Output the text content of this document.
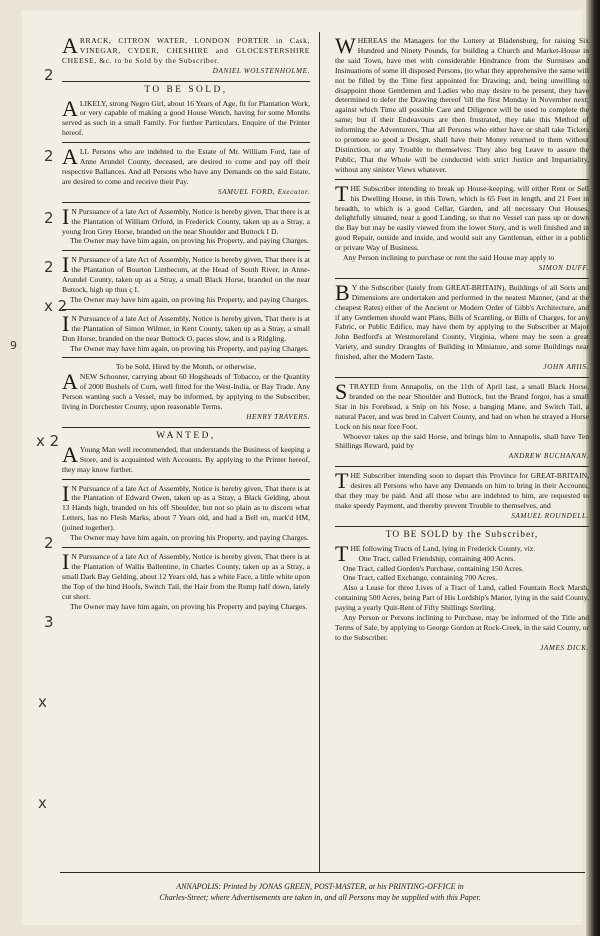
2
2
2
x 2
9
x 2
2
3
x
x
2
A RRACK, CITRON WATER, LONDON PORTER in Cask, VINEGAR, CYDER, CHESHIRE and GLOCESTERSHIRE CHEESE, &c. to be Sold by the Subscriber.

DANIEL WOLSTENHOLME.
TO BE SOLD,
A LIKELY, strong Negro Girl, about 16 Years of Age, fit for Plantation Work, or very capable of making a good House Wench, having for some Months served as such in a small Family. For further Particulars, Enquire of the Printer hereof.

A LL Persons who are indebted to the Estate of Mr. William Ford, late of Anne Arundel County, deceased, are desired to come and pay off their respective Ballances. And all Persons who have any Demands on the said Estate, are desired to come and receive their Pay.

SAMUEL FORD, Executor.
I N Pursuance of a late Act of Assembly, Notice is hereby given, That there is at the Plantation of William Orford, in Frederick County, taken up as a Stray, a young Iron Grey Horse, branded on the near Shoulder and Buttock I D.

The Owner may have him again, on proving his Property, and paying Charges.

I N Pursuance of a late Act of Assembly, Notice is hereby given, That there is at the Plantation of Bourton Linthecum, at the Head of South River, in Anne-Arundel County, taken up as a Stray, a small Black Horse, branded on the near Buttock, high up thus ç I.

The Owner may have him again, on proving his Property, and paying Charges.

I N Pursuance of a late Act of Assembly, Notice is hereby given, That there is at the Plantation of Simon Wilmer, in Kent County, taken up as a Stray, a small Dun Horse, branded on the near Buttock O, paces slow, and is a Ridgling.

The Owner may have him again, on proving his Property, and paying Charges.

To be Sold, Hired by the Month, or otherwise,
A NEW Schooner, carrying about 60 Hogsheads of Tobacco, or the Quantity of 2000 Bushels of Corn, well fitted for the West-India, or Bay Trade. Any Person wanting such a Vessel, may be informed, by applying to the Subscriber, living in Dorchester County, upon reasonable Terms.

HENRY TRAVERS.
WANTED,
A Young Man well recommended, that understands the Business of keeping a Store, and is acquainted with Accounts. By applying to the Printer hereof, they may know further.

I N Pursuance of a late Act of Assembly, Notice is hereby given, That there is at the Plantation of Edward Owen, taken up as a Stray, a Black Gelding, about 13 Hands high, branded on his off Shoulder, but not so plain as to discern what Letters, has no Flesh Marks, about 7 Years old, and had a Bell on, mark'd HM, (joined together).

The Owner may have him again, on proving his Property, and paying Charges.

I N Pursuance of a late Act of Assembly, Notice is hereby given, That there is at the Plantation of Wallis Ballentine, in Charles County, taken up as a Stray, a small Dark Bay Gelding, about 12 Years old, has a white Face, a little white upon the Top of the hind Hoofs, Switch Tail, the Hair from the Rump half down, lately cut short.

The Owner may have him again, on proving his Property and paying Charges.

W HEREAS the Managers for the Lottery at Bladensburg, for raising Six Hundred and Ninety Pounds, for building a Church and Market-House in the said Town, have met with considerable Hindrance from the Surmises and Insinuations of some ill disposed Persons, (to what they apprehensive the same will not be filled by the Time first appointed for Drawing; and, being unwilling to disappoint those Gentlemen and Ladies who may desire to be present, they have determined to defer the Drawing thereof 'till the first Monday in November next; against which Time all possible Care and Diligence will be used to complete the same; but if their Endeavours are then frustrated, they take this Method of informing the Adventurers, That all Persons who either have or shall take Tickets to promote so good a Design, shall have their Money returned to them without Distinction, or any Trouble to themselves: They also beg Leave to assure the Public, That the Whole will be conducted with strict Justice and Impartiality, without any sinister Views whatever.

T HE Subscriber intending to break up House-keeping, will either Rent or Sell his Dwelling House, in this Town, which is 65 Feet in length, and 21 Feet in breadth, to which is a good Cellar, Garden, and all necessary Out Houses, delightfully situated, near a good Landing, so that no Vessel can pass up or down the Bay but may be easily viewed from the lower Story, and is well finished and in good Repair, outside and inside, and would suit any Gentleman, either in a public or private Way of Business.

Any Person inclining to purchase or rent the said House may apply to

SIMON DUFF.
B Y the Subscriber (lately from GREAT-BRITAIN), Buildings of all Sorts and Dimensions are undertaken and performed in the neatest Manner, (and at the cheapest Rates) either of the Ancient or Modern Order of Gibb's Architecture, and if any Gentlemen should want Plans, Bills of Scantling, or Bills of Charges, for any Fabric, or Public Edifice, may have them by applying to the Subscriber at Major John Bedford's at Westmoreland County, Virginia, where may be seen a great Variety, and sundry Draughts of Building in Miniature, and some Buildings near finished, after the Modern Taste.

JOHN ARIIS.
S TRAYED from Annapolis, on the 11th of April last, a small Black Horse, branded on the near Shoulder and Buttock, but the Brand forgot, has a small Star in his Forehead, a Snip on his Nose, a hanging Mane, and Switch Tail, a natural Pacer, and was bred in Calvert County, and had on when he strayed a Horse Lock on his near fore Foot.

Whoever takes up the said Horse, and brings him to Annapolis, shall have Ten Shillings Reward, paid by

ANDREW BUCHANAN.
T HE Subscriber intending soon to depart this Province for GREAT-BRITAIN, desires all Persons who have any Demands on him to bring in their Accounts, that they may be paid. And all those who are indebted to him, are requested to make speedy Payment, and thereby prevent Trouble to themselves, and

SAMUEL ROUNDELL.
TO BE SOLD by the Subscriber,
T HE following Tracts of Land, lying in Frederick County, viz.

One Tract, called Friendship, containing 400 Acres.

One Tract, called Gorden's Purchase, containing 150 Acres.

One Tract, called Exchange, containing 700 Acres.

Also a Lease for three Lives of a Tract of Land, called Fountain Rock Marsh, containing 500 Acres, being Part of His Lordship's Manor, lying in the said County, paying a yearly Quit-Rent of Fifty Shillings Sterling.

Any Person or Persons inclining to Purchase, may be informed of the Title and Terms of Sale, by applying to George Gordon at Rock-Creek, in the said County, or to the Subscriber.

JAMES DICK.
ANNAPOLIS: Printed by JONAS GREEN, POST-MASTER, at his PRINTING-OFFICE in
Charles-Street; where Advertisements are taken in, and all Persons may be supplied with this Paper.
